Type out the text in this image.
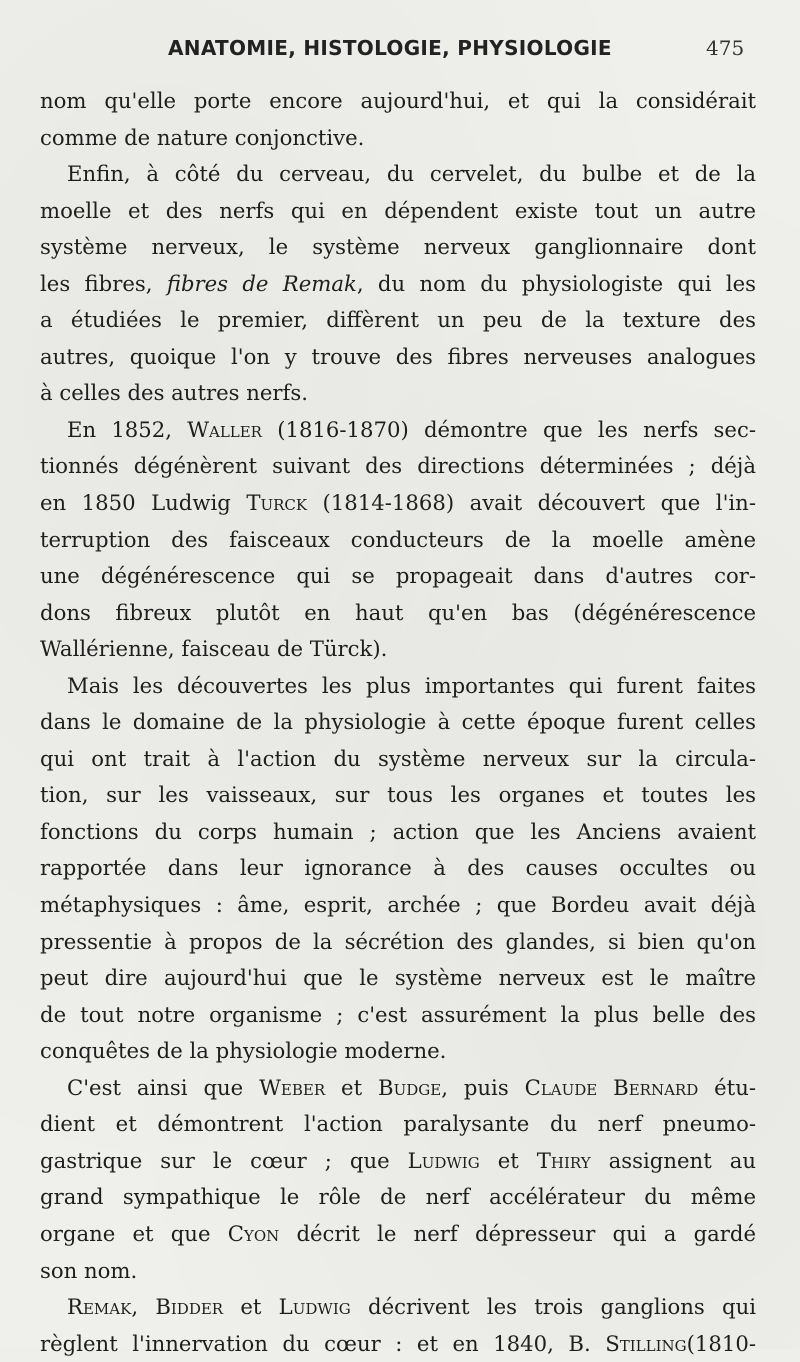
ANATOMIE, HISTOLOGIE, PHYSIOLOGIE	475
nom qu'elle porte encore aujourd'hui, et qui la considérait
comme de nature conjonctive.
Enfin, à côté du cerveau, du cervelet, du bulbe et de la
moelle et des nerfs qui en dépendent existe tout un autre
système nerveux, le système nerveux ganglionnaire dont
les fibres, fibres de Remak, du nom du physiologiste qui les
a étudiées le premier, diffèrent un peu de la texture des
autres, quoique l'on y trouve des fibres nerveuses analogues
à celles des autres nerfs.
En 1852, Waller (1816-1870) démontre que les nerfs sec-
tionnés dégénèrent suivant des directions déterminées ; déjà
en 1850 Ludwig Turck (1814-1868) avait découvert que l'in-
terruption des faisceaux conducteurs de la moelle amène
une dégénérescence qui se propageait dans d'autres cor-
dons fibreux plutôt en haut qu'en bas (dégénérescence
Wallérienne, faisceau de Türck).
Mais les découvertes les plus importantes qui furent faites
dans le domaine de la physiologie à cette époque furent celles
qui ont trait à l'action du système nerveux sur la circula-
tion, sur les vaisseaux, sur tous les organes et toutes les
fonctions du corps humain ; action que les Anciens avaient
rapportée dans leur ignorance à des causes occultes ou
métaphysiques : âme, esprit, archée ; que Bordeu avait déjà
pressentie à propos de la sécrétion des glandes, si bien qu'on
peut dire aujourd'hui que le système nerveux est le maître
de tout notre organisme ; c'est assurément la plus belle des
conquêtes de la physiologie moderne.
C'est ainsi que Weber et Budge, puis Claude Bernard étu-
dient et démontrent l'action paralysante du nerf pneumo-
gastrique sur le cœur ; que Ludwig et Thiry assignent au
grand sympathique le rôle de nerf accélérateur du même
organe et que Cyon décrit le nerf dépresseur qui a gardé
son nom.
Remak, Bidder et Ludwig décrivent les trois ganglions qui
règlent l'innervation du cœur : et en 1840, B. Stilling(1810-
